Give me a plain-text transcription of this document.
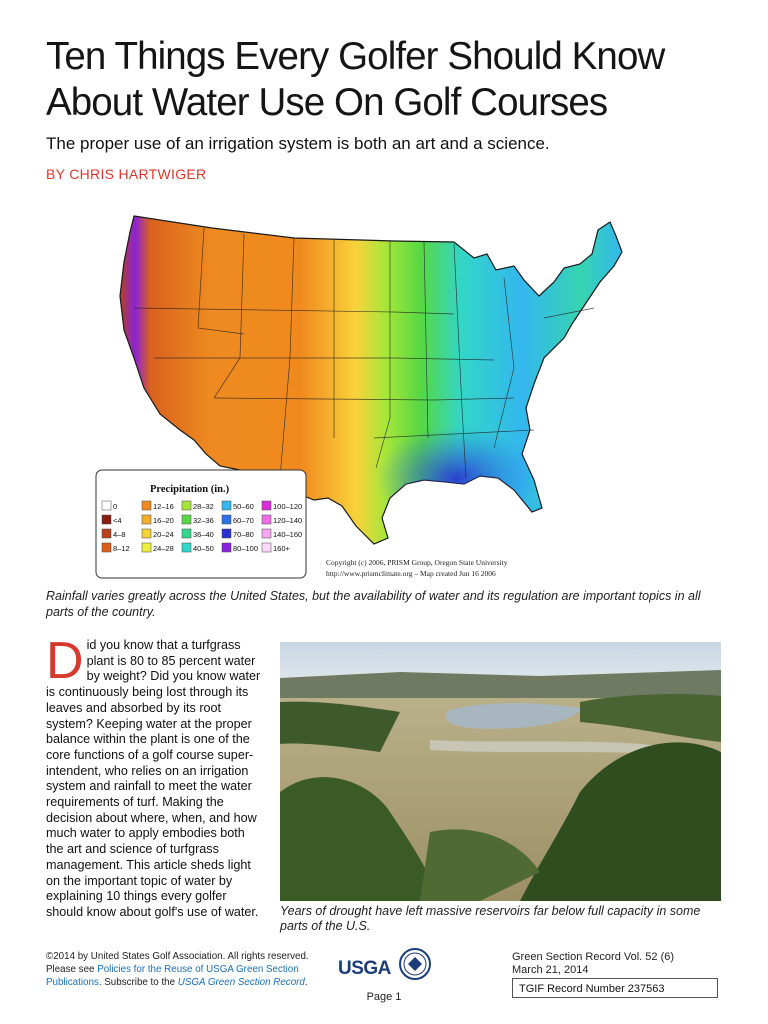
Ten Things Every Golfer Should Know About Water Use On Golf Courses
The proper use of an irrigation system is both an art and a science.
BY CHRIS HARTWIGER
Precipitation (in.)
0
<4
4–8
8–12
12–16
16–20
20–24
24–28
28–32
32–36
36–40
40–50
50–60
60–70
70–80
80–100
100–120
120–140
140–160
160+
Copyright (c) 2006, PRISM Group, Oregon State University
http://www.prismclimate.org – Map created Jun 16 2006
Rainfall varies greatly across the United States, but the availability of water and its regulation are important topics in all parts of the country.
Did you know that a turfgrass plant is 80 to 85 percent water by weight? Did you know water is continuously being lost through its leaves and absorbed by its root system? Keeping water at the proper balance within the plant is one of the core functions of a golf course super-intendent, who relies on an irrigation system and rainfall to meet the water requirements of turf. Making the decision about where, when, and how much water to apply embodies both the art and science of turfgrass management. This article sheds light on the important topic of water by explaining 10 things every golfer should know about golf's use of water.	Years of drought have left massive reservoirs far below full capacity in some parts of the U.S.
©2014 by United States Golf Association. All rights reserved.
Please see Policies for the Reuse of USGA Green Section Publications. Subscribe to the USGA Green Section Record.
USGA
Page 1
Green Section Record Vol. 52 (6)
March 21, 2014
TGIF Record Number 237563
